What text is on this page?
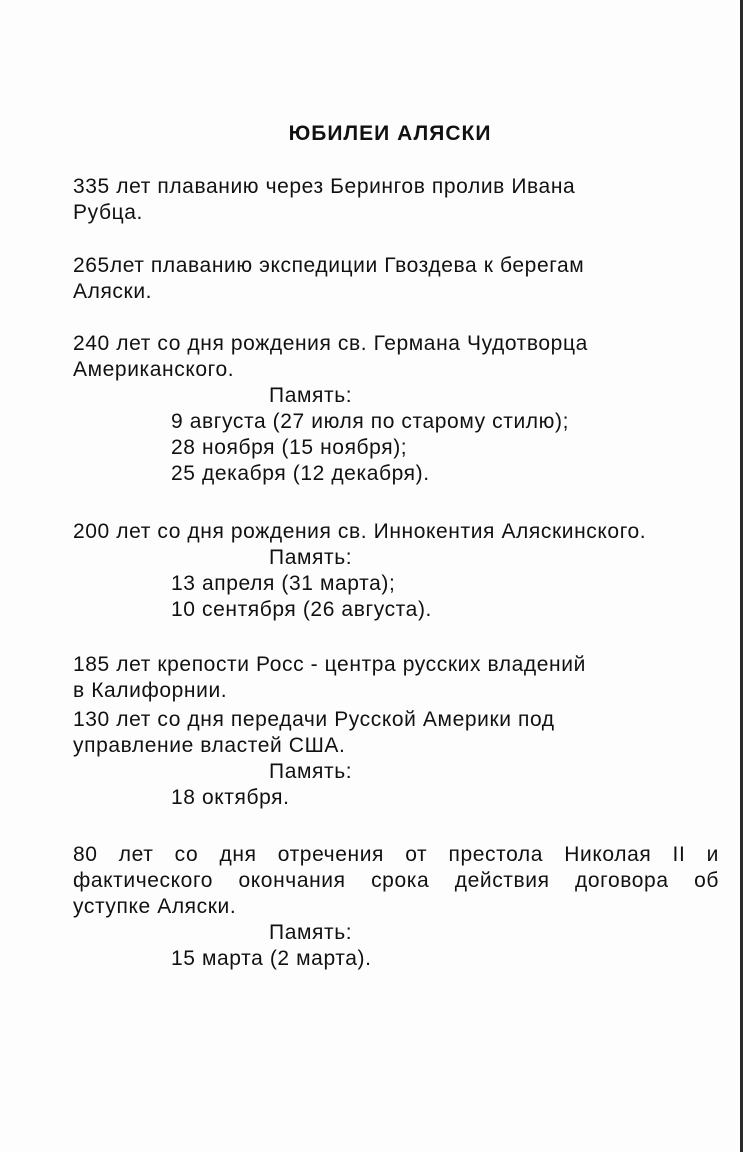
ЮБИЛЕИ АЛЯСКИ
335 лет плаванию через Берингов пролив Ивана
Рубца.
265лет плаванию экспедиции Гвоздева к берегам
Аляски.
240 лет со дня рождения св. Германа Чудотворца
Американского.
Память:
9 августа (27 июля по старому стилю);
28 ноября (15 ноября);
25 декабря (12 декабря).
200 лет со дня рождения св. Иннокентия Аляскинского.
Память:
13 апреля (31 марта);
10 сентября (26 августа).
185 лет крепости Росс - центра русских владений
в Калифорнии.
130 лет со дня передачи Русской Америки под
управление властей США.
Память:
18 октября.
80 лет со дня отречения от престола Николая II и
фактического окончания срока действия договора об
уступке Аляски.
Память:
15 марта (2 марта).
